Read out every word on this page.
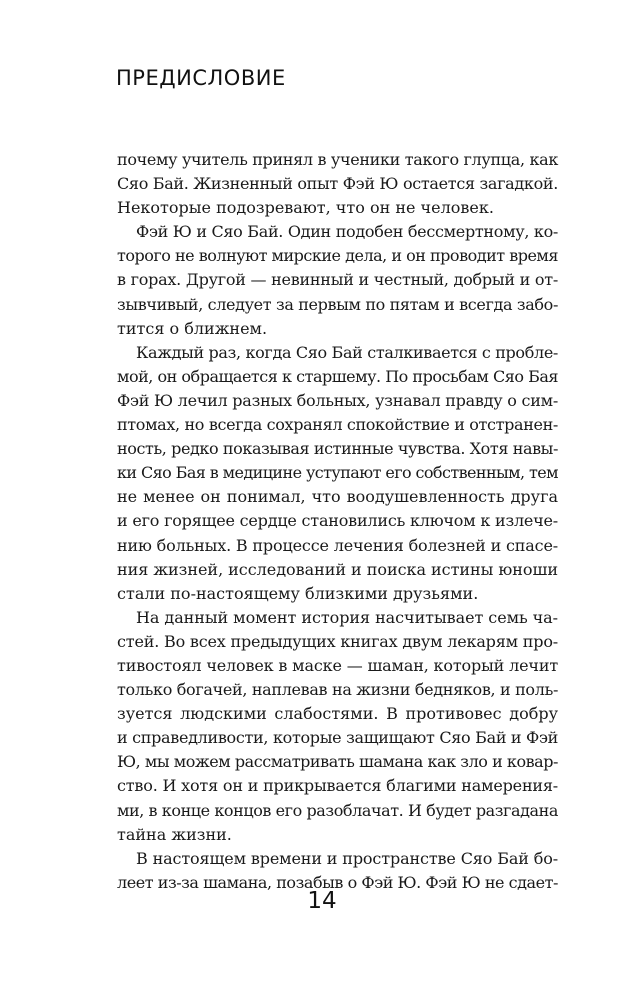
ПРЕДИСЛОВИЕ
почему учитель принял в ученики такого глупца, как
Сяо Бай. Жизненный опыт Фэй Ю остается загадкой.
Некоторые подозревают, что он не человек.
Фэй Ю и Сяо Бай. Один подобен бессмертному, ко-
торого не волнуют мирские дела, и он проводит время
в горах. Другой — невинный и честный, добрый и от-
зывчивый, следует за первым по пятам и всегда забо-
тится о ближнем.
Каждый раз, когда Сяо Бай сталкивается с пробле-
мой, он обращается к старшему. По просьбам Сяо Бая
Фэй Ю лечил разных больных, узнавал правду о сим-
птомах, но всегда сохранял спокойствие и отстранен-
ность, редко показывая истинные чувства. Хотя навы-
ки Сяо Бая в медицине уступают его собственным, тем
не менее он понимал, что воодушевленность друга
и его горящее сердце становились ключом к излече-
нию больных. В процессе лечения болезней и спасе-
ния жизней, исследований и поиска истины юноши
стали по-настоящему близкими друзьями.
На данный момент история насчитывает семь ча-
стей. Во всех предыдущих книгах двум лекарям про-
тивостоял человек в маске — шаман, который лечит
только богачей, наплевав на жизни бедняков, и поль-
зуется людскими слабостями. В противовес добру
и справедливости, которые защищают Сяо Бай и Фэй
Ю, мы можем рассматривать шамана как зло и ковар-
ство. И хотя он и прикрывается благими намерения-
ми, в конце концов его разоблачат. И будет разгадана
тайна жизни.
В настоящем времени и пространстве Сяо Бай бо-
леет из-за шамана, позабыв о Фэй Ю. Фэй Ю не сдает-
14
